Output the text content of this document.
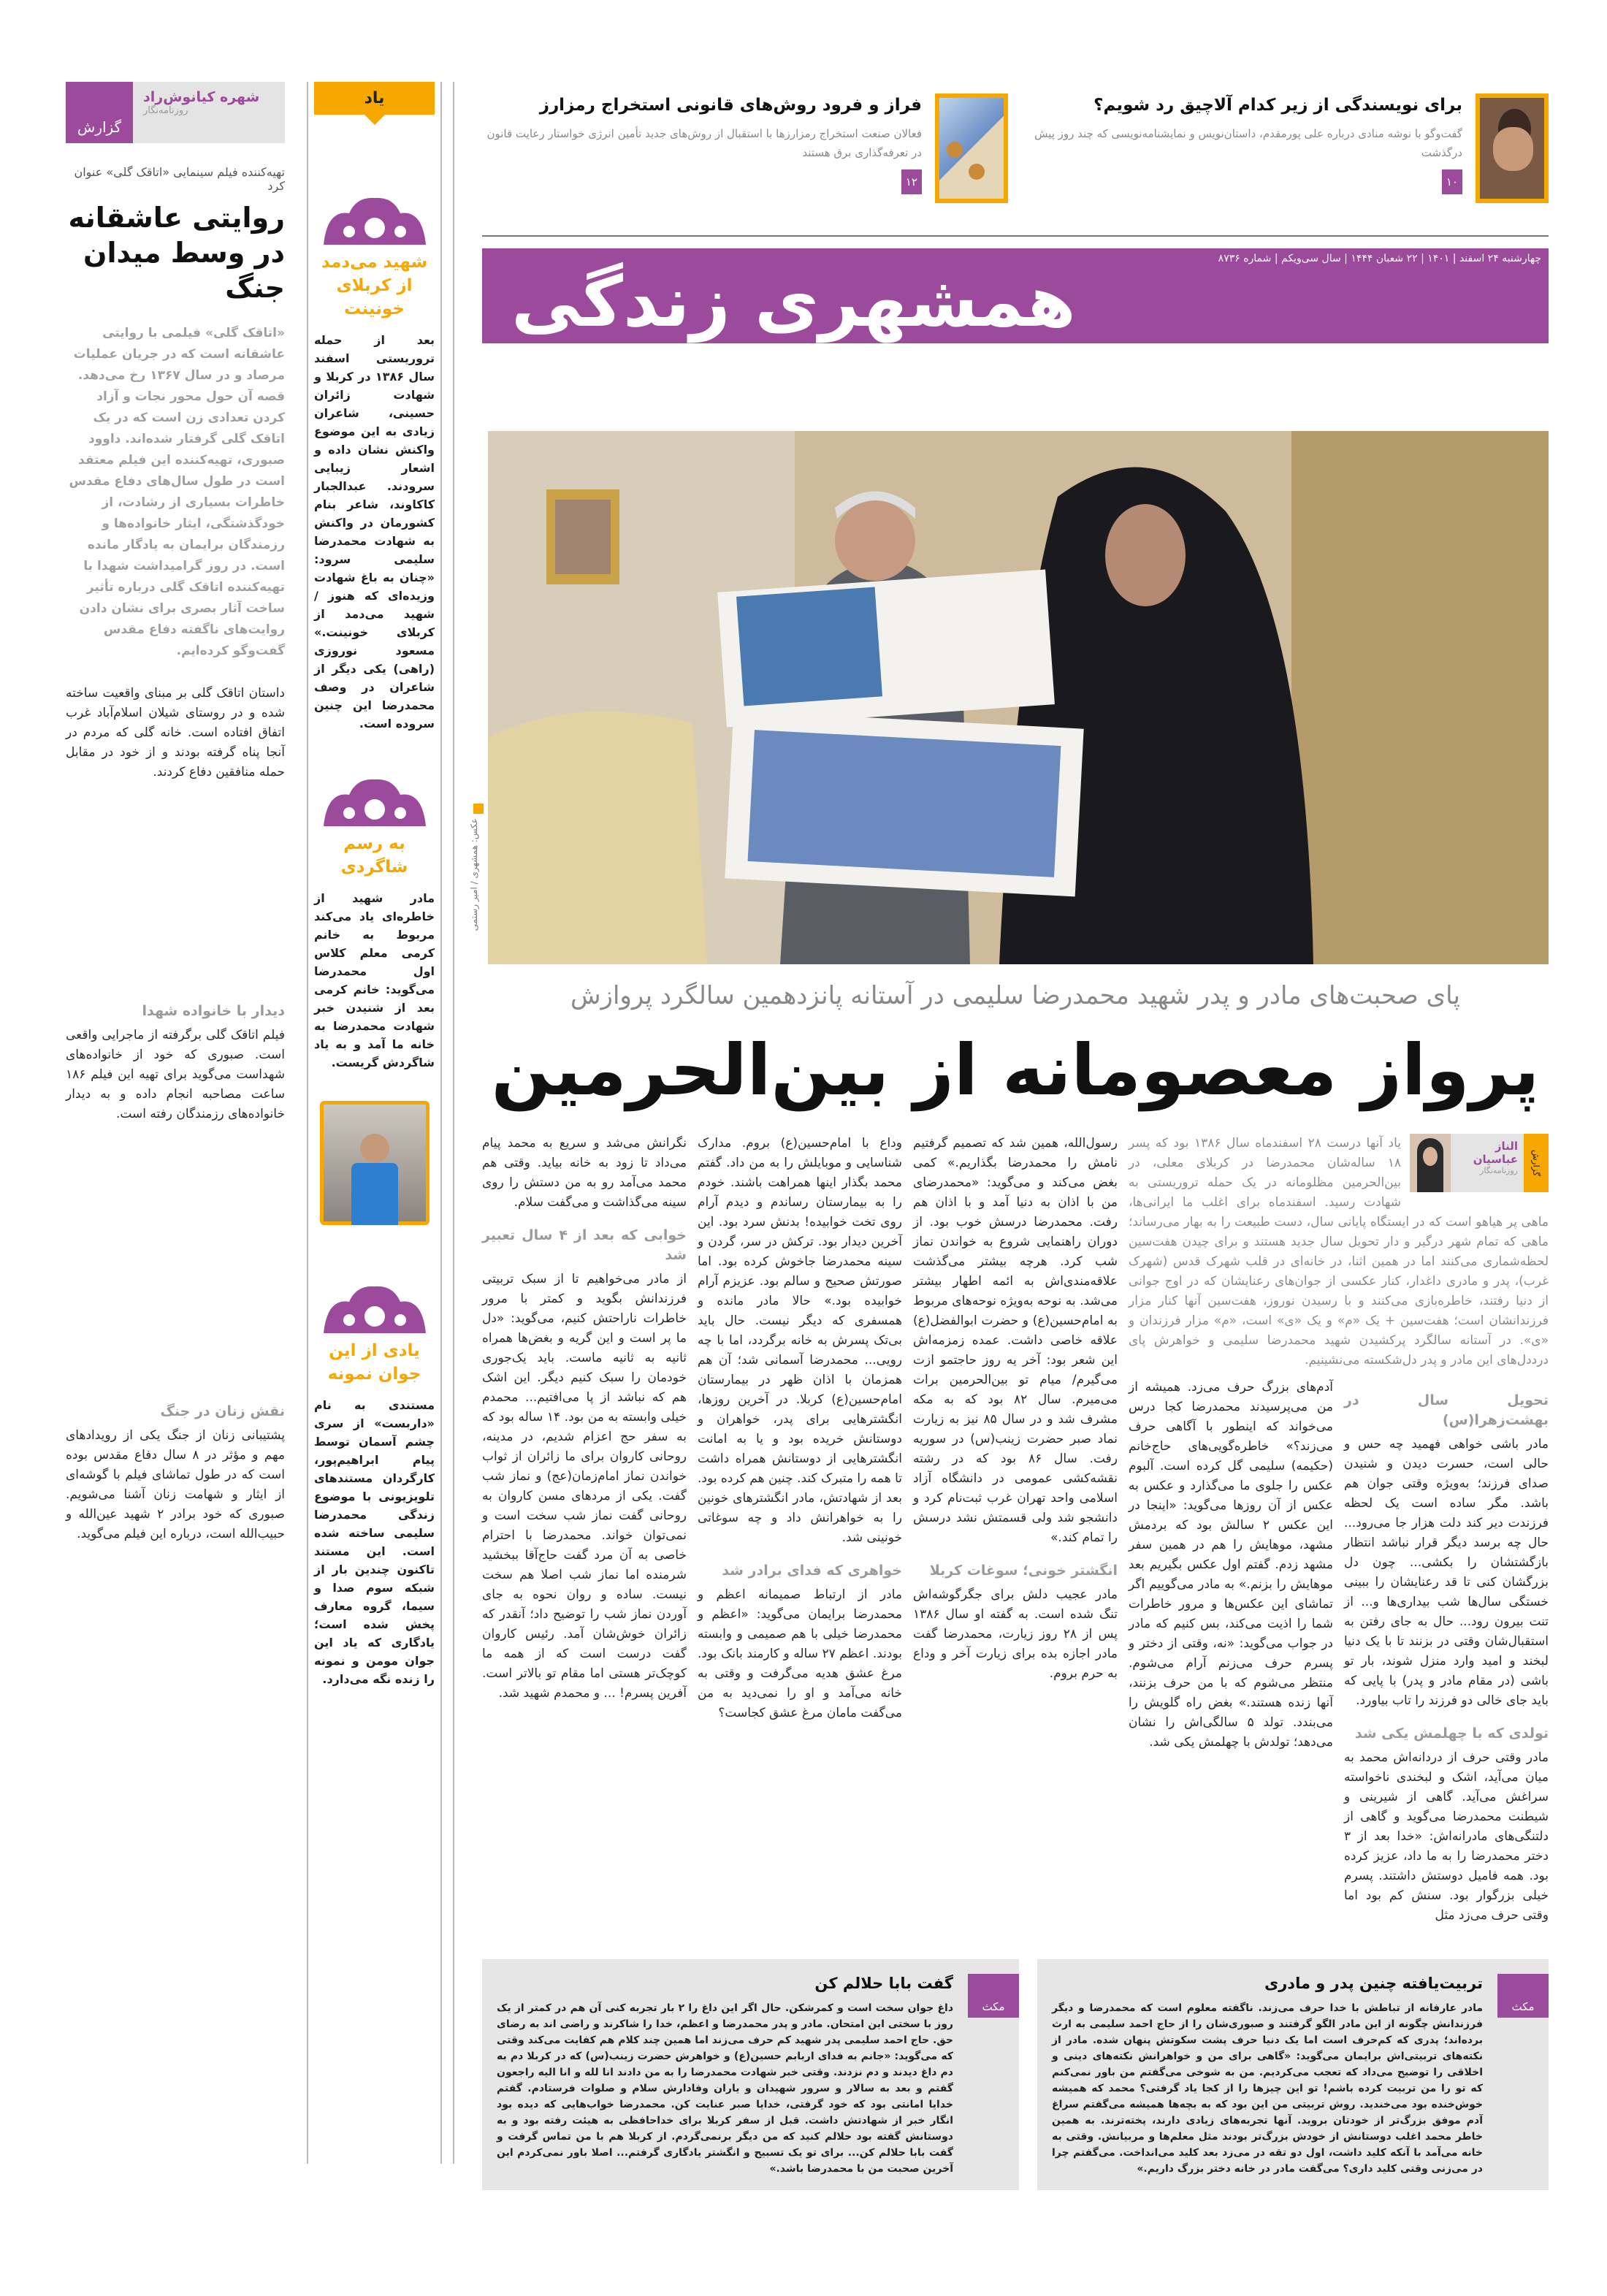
شهره کیانوش‌راد
روزنامه‌نگار
گزارش
تهیه‌کننده فیلم سینمایی «اتاقک گلی» عنوان کرد
روایتی عاشقانه در وسط میدان جنگ
«اتاقک گلی» فیلمی با روایتی عاشقانه است که در جریان عملیات مرصاد و در سال ۱۳۶۷ رخ می‌دهد. قصه آن حول محور نجات و آزاد کردن تعدادی زن است که در یک اتاقک گلی گرفتار شده‌اند. داوود صبوری، تهیه‌کننده این فیلم معتقد است در طول سال‌های دفاع مقدس خاطرات بسیاری از رشادت، از خودگذشتگی، ایثار خانواده‌ها و رزمندگان برایمان به یادگار مانده است. در روز گرامیداشت شهدا با تهیه‌کننده اتاقک گلی درباره تأثیر ساخت آثار بصری برای نشان دادن روایت‌های ناگفته دفاع مقدس گفت‌وگو کرده‌ایم.
داستان اتاقک گلی بر مبنای واقعیت ساخته شده و در روستای شیلان اسلام‌آباد غرب اتفاق افتاده است. خانه گلی که مردم در آنجا پناه گرفته بودند و از خود در مقابل حمله منافقین دفاع کردند.
دیدار با خانواده شهدا
فیلم اتاقک گلی برگرفته از ماجرایی واقعی است. صبوری که خود از خانواده‌های شهداست می‌گوید برای تهیه این فیلم ۱۸۶ ساعت مصاحبه انجام داده و به دیدار خانواده‌های رزمندگان رفته است.
نقش زنان در جنگ
پشتیبانی زنان از جنگ یکی از رویدادهای مهم و مؤثر در ۸ سال دفاع مقدس بوده است که در طول تماشای فیلم با گوشه‌ای از ایثار و شهامت زنان آشنا می‌شویم. صبوری که خود برادر ۲ شهید عین‌الله و حبیب‌الله است، درباره این فیلم می‌گوید.
یاد
شهید می‌دمد از کربلای خونینت
بعد از حمله تروریستی اسفند سال ۱۳۸۶ در کربلا و شهادت زائران حسینی، شاعران زیادی به این موضوع واکنش نشان داده و اشعار زیبایی سرودند. عبدالجبار کاکاوند، شاعر بنام کشورمان در واکنش به شهادت محمدرضا سلیمی سرود: «چنان به باغ شهادت وزیده‌ای که هنوز / شهید می‌دمد از کربلای خونینت.» مسعود نوروزی (راهی) یکی دیگر از شاعران در وصف محمدرضا این چنین سروده است.
به رسم شاگردی
مادر شهید از خاطره‌ای یاد می‌کند مربوط به خانم کرمی معلم کلاس اول محمدرضا می‌گوید: خانم کرمی بعد از شنیدن خبر شهادت محمدرضا به خانه ما آمد و به یاد شاگردش گریست.
یادی از این جوان نمونه
مستندی به نام «داربست» از سری چشم آسمان توسط پیام ابراهیم‌پور، کارگردان مستندهای تلویزیونی با موضوع زندگی محمدرضا سلیمی ساخته شده است. این مستند تاکنون چندین بار از شبکه سوم صدا و سیما، گروه معارف پخش شده است؛ یادگاری که یاد این جوان مومن و نمونه را زنده نگه می‌دارد.
برای نویسندگی از زیر کدام آلاچیق رد شویم؟
گفت‌وگو با نوشه منادی درباره علی پورمقدم، داستان‌نویس و نمایشنامه‌نویسی که چند روز پیش درگذشت
۱۰
فراز و فرود روش‌های قانونی استخراج رمزارز
فعالان صنعت استخراج رمزارزها با استقبال از روش‌های جدید تأمین انرژی خواستار رعایت قانون در تعرفه‌گذاری برق هستند
۱۲
چهارشنبه ۲۴ اسفند | ۱۴۰۱ | ۲۲ شعبان ۱۴۴۴ | سال سی‌ویکم | شماره ۸۷۳۶
همشهری زندگی
عکس: همشهری / امیر رستمی
پای صحبت‌های مادر و پدر شهید محمدرضا سلیمی در آستانه پانزدهمین سالگرد پروازش
پرواز معصومانه از بین‌الحرمین
گزارش
الناز عباسیان
روزنامه‌نگار
یاد آنها درست ۲۸ اسفندماه سال ۱۳۸۶ بود که پسر ۱۸ ساله‌شان محمدرضا در کربلای معلی، در بین‌الحرمین مظلومانه در یک حمله تروریستی به شهادت رسید. اسفندماه برای اغلب ما ایرانی‌ها، ماهی پر هیاهو است که در ایستگاه پایانی سال، دست طبیعت را به بهار می‌رساند؛ ماهی که تمام شهر درگیر و دار تحویل سال جدید هستند و برای چیدن هفت‌سین لحظه‌شماری می‌کنند اما در همین اثنا، در خانه‌ای در قلب شهرک قدس (شهرک غرب)، پدر و مادری داغدار، کنار عکسی از جوان‌های رعنایشان که در اوج جوانی از دنیا رفتند، خاطره‌بازی می‌کنند و با رسیدن نوروز، هفت‌سین آنها کنار مزار فرزندانشان است؛ هفت‌سین + یک «م» و یک «ی» است، «م» مزار فرزندان و «ی». در آستانه سالگرد پرکشیدن شهید محمدرضا سلیمی و خواهرش پای درددل‌های این مادر و پدر دل‌شکسته می‌نشینیم.
تحویل سال در بهشت‌زهرا(س)

مادر باشی خواهی فهمید چه حس و حالی است، حسرت دیدن و شنیدن صدای فرزند؛ به‌ویژه وقتی جوان هم باشد. مگر ساده است یک لحظه فرزندت دیر کند دلت هزار جا می‌رود... حال چه برسد دیگر قرار نباشد انتظار بازگشتشان را بکشی... چون دل بزرگشان کنی تا قد رعنایشان را ببینی خستگی سال‌ها شب بیداری‌ها و... از تنت بیرون رود... حال به جای رفتن به استقبال‌شان وقتی در بزنند تا با یک دنیا لبخند و امید وارد منزل شوند، بار تو باشی (در مقام مادر و پدر) با پایی که باید جای خالی دو فرزند را تاب بیاورد.

تولدی که با چهلمش یکی شد

مادر وقتی حرف از دردانه‌اش محمد به میان می‌آید، اشک و لبخندی ناخواسته سراغش می‌آید. گاهی از شیرینی و شیطنت محمدرضا می‌گوید و گاهی از دلتنگی‌های مادرانه‌اش: «خدا بعد از ۳ دختر محمدرضا را به ما داد، عزیز کرده بود. همه فامیل دوستش داشتند. پسرم خیلی بزرگوار بود. سنش کم بود اما وقتی حرف می‌زد مثل

آدم‌های بزرگ حرف می‌زد. همیشه از من می‌پرسیدند محمدرضا کجا درس می‌خواند که اینطور با آگاهی حرف می‌زند؟» خاطره‌گویی‌های حاج‌خانم (حکیمه) سلیمی گل کرده است. آلبوم عکس را جلوی ما می‌گذارد و عکس به عکس از آن روزها می‌گوید: «اینجا در این عکس ۲ سالش بود که بردمش مشهد، موهایش را هم در همین سفر مشهد زدم. گفتم اول عکس بگیریم بعد موهایش را بزنم.» به مادر می‌گوییم اگر تماشای این عکس‌ها و مرور خاطرات شما را اذیت می‌کند، بس کنیم که مادر در جواب می‌گوید: «نه، وقتی از دختر و پسرم حرف می‌زنم آرام می‌شوم. منتظر می‌شوم که با من حرف بزنند، آنها زنده هستند.» بغض راه گلویش را می‌بندد. تولد ۵ سالگی‌اش را نشان می‌دهد؛ تولدش با چهلمش یکی شد.

رسول‌الله، همین شد که تصمیم گرفتیم نامش را محمدرضا بگذاریم.» کمی بغض می‌کند و می‌گوید: «محمدرضای من با اذان به دنیا آمد و با اذان هم رفت. محمدرضا درسش خوب بود. از دوران راهنمایی شروع به خواندن نماز شب کرد. هرچه بیشتر می‌گذشت علاقه‌مندی‌اش به ائمه اطهار بیشتر می‌شد. به نوحه به‌ویژه نوحه‌های مربوط به امام‌حسین(ع) و حضرت ابوالفضل(ع) علاقه خاصی داشت. عمده زمزمه‌اش این شعر بود: آخر یه روز حاجتمو ازت می‌گیرم/ میام تو بین‌الحرمین برات می‌میرم. سال ۸۲ بود که به مکه مشرف شد و در سال ۸۵ نیز به زیارت نماد صبر حضرت زینب(س) در سوریه رفت. سال ۸۶ بود که در رشته نقشه‌کشی عمومی در دانشگاه آزاد اسلامی واحد تهران غرب ثبت‌نام کرد و دانشجو شد ولی قسمتش نشد درسش را تمام کند.»

انگشتر خونی؛ سوغات کربلا

مادر عجیب دلش برای جگرگوشه‌اش تنگ شده است. به گفته او سال ۱۳۸۶ پس از ۲۸ روز زیارت، محمدرضا گفت مادر اجازه بده برای زیارت آخر و وداع به حرم بروم.

وداع با امام‌حسین(ع) بروم. مدارک شناسایی و موبایلش را به من داد. گفتم محمد بگذار اینها همراهت باشند. خودم را به بیمارستان رساندم و دیدم آرام روی تخت خوابیده! بدنش سرد بود. این آخرین دیدار بود. ترکش در سر، گردن و سینه محمدرضا جاخوش کرده بود. اما صورتش صحیح و سالم بود. عزیزم آرام خوابیده بود.» حالا مادر مانده و همسفری که دیگر نیست. حال باید بی‌تک پسرش به خانه برگردد، اما با چه رویی... محمدرضا آسمانی شد؛ آن هم همزمان با اذان ظهر در بیمارستان امام‌حسین(ع) کربلا. در آخرین روزها، انگشترهایی برای پدر، خواهران و دوستانش خریده بود و یا به امانت انگشترهایی از دوستانش همراه داشت تا همه را متبرک کند. چنین هم کرده بود. بعد از شهادتش، مادر انگشترهای خونین را به خواهرانش داد و چه سوغاتی خونینی شد.

خواهری که فدای برادر شد

مادر از ارتباط صمیمانه اعظم و محمدرضا برایمان می‌گوید: «اعظم و محمدرضا خیلی با هم صمیمی و وابسته بودند. اعظم ۲۷ ساله و کارمند بانک بود. مرغ عشق هدیه می‌گرفت و وقتی به خانه می‌آمد و او را نمی‌دید به من می‌گفت مامان مرغ عشق کجاست؟

نگرانش می‌شد و سریع به محمد پیام می‌داد تا زود به خانه بیاید. وقتی هم محمد می‌آمد رو به من دستش را روی سینه می‌گذاشت و می‌گفت سلام.

خوابی که بعد از ۴ سال تعبیر شد

از مادر می‌خواهیم تا از سبک تربیتی فرزندانش بگوید و کمتر با مرور خاطرات ناراحتش کنیم، می‌گوید: «دل ما پر است و این گریه و بغض‌ها همراه ثانیه به ثانیه ماست. باید یک‌جوری خودمان را سبک کنیم دیگر. این اشک هم که نباشد از پا می‌افتیم... محمدم خیلی وابسته به من بود. ۱۴ ساله بود که به سفر حج اعزام شدیم، در مدینه، روحانی کاروان برای ما زائران از ثواب خواندن نماز امام‌زمان(عج) و نماز شب گفت. یکی از مردهای مسن کاروان به روحانی گفت نماز شب سخت است و نمی‌توان خواند. محمدرضا با احترام خاصی به آن مرد گفت حاج‌آقا ببخشید شرمنده اما نماز شب اصلا هم سخت نیست. ساده و روان نحوه به جای آوردن نماز شب را توضیح داد؛ آنقدر که زائران خوش‌شان آمد. رئیس کاروان گفت درست است که از همه ما کوچک‌تر هستی اما مقام تو بالاتر است. آفرین پسرم! ... و محمدم شهید شد.

مکث
تربیت‌یافته چنین پدر و مادری

مادر عارفانه از تباطش با خدا حرف می‌زند. ناگفته معلوم است که محمدرضا و دیگر فرزندانش چگونه از این مادر الگو گرفتند و صبوری‌شان را از حاج احمد سلیمی به ارث برده‌اند؛ پدری که کم‌حرف است اما یک دنیا حرف پشت سکوتش پنهان شده. مادر از نکته‌های تربیتی‌اش برایمان می‌گوید: «گاهی برای من و خواهرانش نکته‌های دینی و اخلاقی را توضیح می‌داد که تعجب می‌کردیم. من به شوخی می‌گفتم من باور نمی‌کنم که تو را من تربیت کرده باشم! تو این چیزها را از کجا یاد گرفتی؟ محمد که همیشه خوش‌خنده بود می‌خندید. روش تربیتی من این بود که به بچه‌ها همیشه می‌گفتم سراغ آدم موفق بزرگ‌تر از خودتان بروید. آنها تجربه‌های زیادی دارند، پخته‌ترند. به همین خاطر محمد اغلب دوستانش از خودش بزرگ‌تر بودند مثل معلم‌ها و مربیانش. وقتی به خانه می‌آمد با آنکه کلید داشت، اول دو تقه در می‌زد بعد کلید می‌انداخت. می‌گفتم چرا در می‌زنی وقتی کلید داری؟ می‌گفت مادر در خانه دختر بزرگ داریم.»

مکث
گفت بابا حلالم کن

داغ جوان سخت است و کمرشکن. حال اگر این داغ را ۲ بار تجربه کنی آن هم در کمتر از یک روز با سختی این امتحان. مادر و پدر محمدرضا و اعظم، خدا را شاکرند و راضی اند به رضای حق. حاج احمد سلیمی پدر شهید کم حرف می‌زند اما همین چند کلام هم کفایت می‌کند وقتی که می‌گوید: «جانم به فدای اربابم حسین(ع) و خواهرش حضرت زینب(س) که در کربلا دم به دم داغ دیدند و دم نزدند. وقتی خبر شهادت محمدرضا را به من دادند انا لله و انا الیه راجعون گفتم و بعد به سالار و سرور شهیدان و یاران وفادارش سلام و صلوات فرستادم. گفتم خدایا امانتی بود که خود گرفتی، خدایا صبر عنایت کن. محمدرضا خواب‌هایی که دیده بود انگار خبر از شهادتش داشت. قبل از سفر کربلا برای خداحافظی به هیئت رفته بود و به دوستانش گفته بود حلالم کنید که من دیگر برنمی‌گردم. از کربلا هم با من تماس گرفت و گفت بابا حلالم کن... برای تو یک تسبیح و انگشتر یادگاری گرفتم... اصلا باور نمی‌کردم این آخرین صحبت من با محمدرضا باشد.»
